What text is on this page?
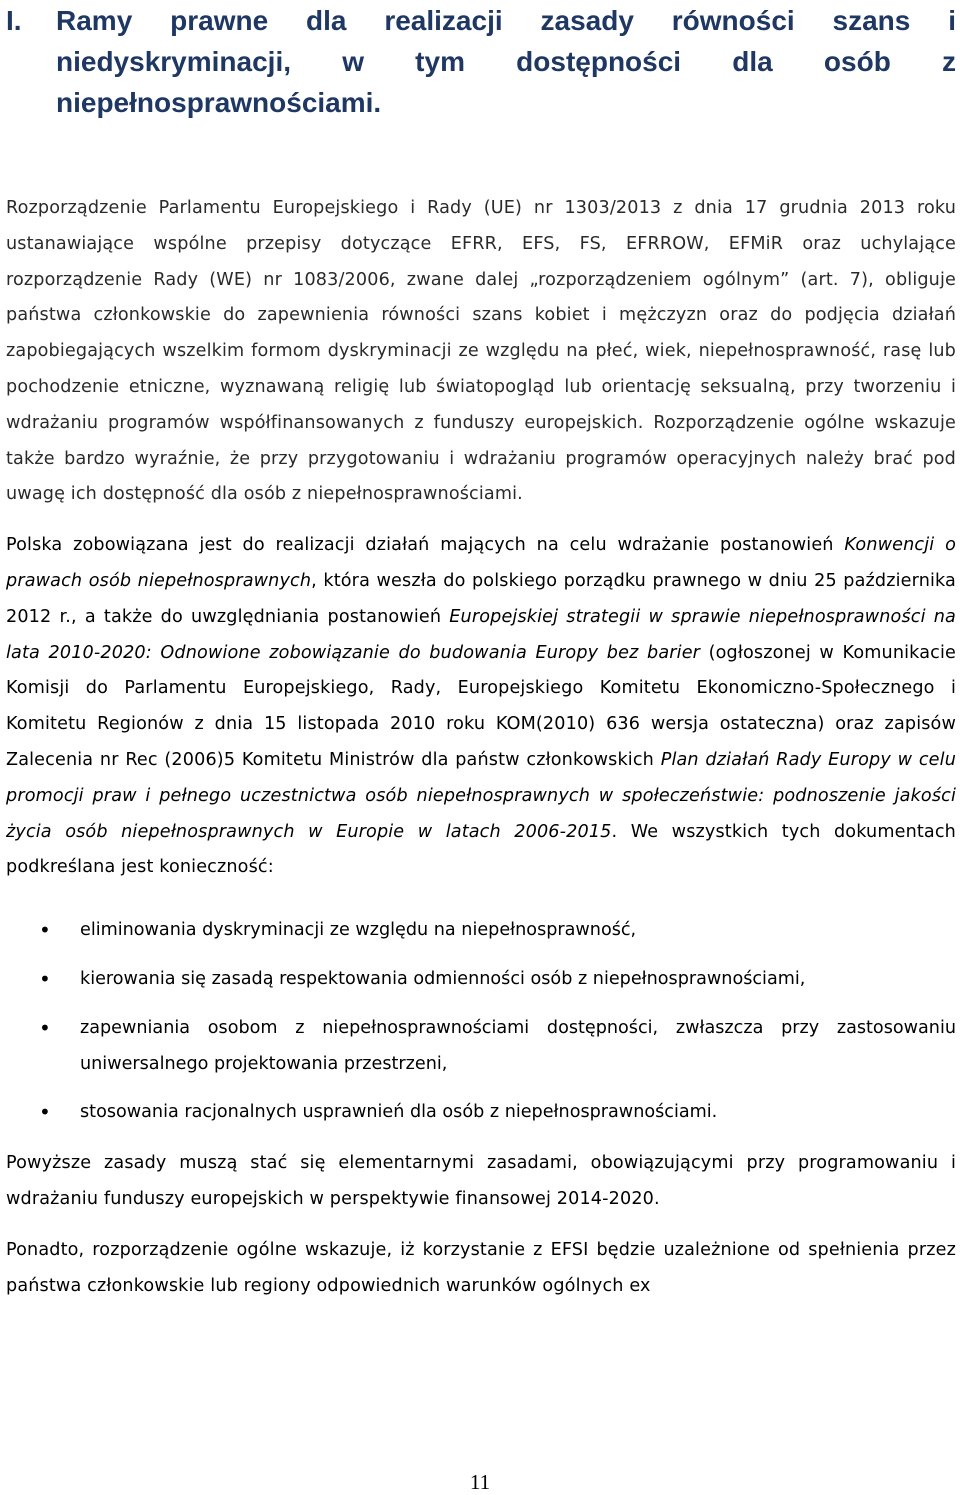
I. Ramy prawne dla realizacji zasady równości szans i niedyskryminacji, w tym dostępności dla osób z niepełnosprawnościami.

Rozporządzenie Parlamentu Europejskiego i Rady (UE) nr 1303/2013 z dnia 17 grudnia 2013 roku ustanawiające wspólne przepisy dotyczące EFRR, EFS, FS, EFRROW, EFMiR oraz uchylające rozporządzenie Rady (WE) nr 1083/2006, zwane dalej „rozporządzeniem ogólnym” (art. 7), obliguje państwa członkowskie do zapewnienia równości szans kobiet i mężczyzn oraz do podjęcia działań zapobiegających wszelkim formom dyskryminacji ze względu na płeć, wiek, niepełnosprawność, rasę lub pochodzenie etniczne, wyznawaną religię lub światopogląd lub orientację seksualną, przy tworzeniu i wdrażaniu programów współfinansowanych z funduszy europejskich. Rozporządzenie ogólne wskazuje także bardzo wyraźnie, że przy przygotowaniu i wdrażaniu programów operacyjnych należy brać pod uwagę ich dostępność dla osób z niepełnosprawnościami.

Polska zobowiązana jest do realizacji działań mających na celu wdrażanie postanowień Konwencji o prawach osób niepełnosprawnych, która weszła do polskiego porządku prawnego w dniu 25 października 2012 r., a także do uwzględniania postanowień Europejskiej strategii w sprawie niepełnosprawności na lata 2010-2020: Odnowione zobowiązanie do budowania Europy bez barier (ogłoszonej w Komunikacie Komisji do Parlamentu Europejskiego, Rady, Europejskiego Komitetu Ekonomiczno-Społecznego i Komitetu Regionów z dnia 15 listopada 2010 roku KOM(2010) 636 wersja ostateczna) oraz zapisów Zalecenia nr Rec (2006)5 Komitetu Ministrów dla państw członkowskich Plan działań Rady Europy w celu promocji praw i pełnego uczestnictwa osób niepełnosprawnych w społeczeństwie: podnoszenie jakości życia osób niepełnosprawnych w Europie w latach 2006-2015. We wszystkich tych dokumentach podkreślana jest konieczność:

• eliminowania dyskryminacji ze względu na niepełnosprawność,
• kierowania się zasadą respektowania odmienności osób z niepełnosprawnościami,
• zapewniania osobom z niepełnosprawnościami dostępności, zwłaszcza przy zastosowaniu uniwersalnego projektowania przestrzeni,
• stosowania racjonalnych usprawnień dla osób z niepełnosprawnościami.

Powyższe zasady muszą stać się elementarnymi zasadami, obowiązującymi przy programowaniu i wdrażaniu funduszy europejskich w perspektywie finansowej 2014-2020.

Ponadto, rozporządzenie ogólne wskazuje, iż korzystanie z EFSI będzie uzależnione od spełnienia przez państwa członkowskie lub regiony odpowiednich warunków ogólnych ex

11
